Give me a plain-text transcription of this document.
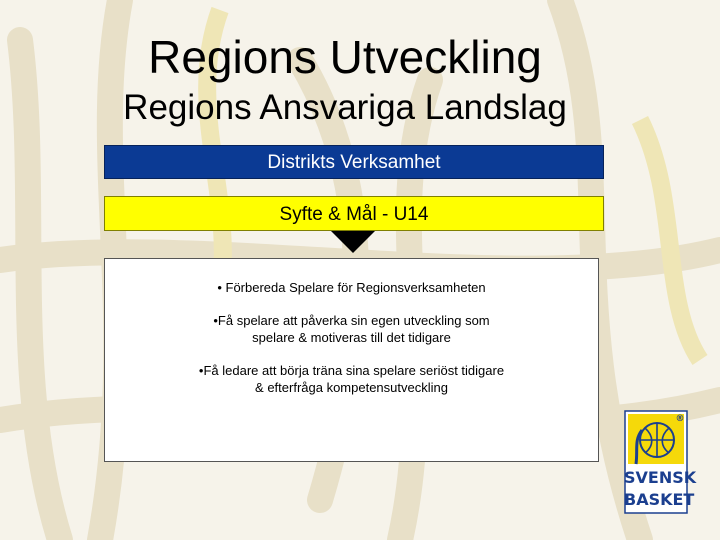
Regions Utveckling
Regions Ansvariga Landslag
Distrikts Verksamhet
Syfte & Mål - U14

• Förbereda Spelare för Regionsverksamheten

•Få spelare att påverka sin egen utveckling som
spelare & motiveras till det tidigare

•Få ledare att börja träna sina spelare seriöst tidigare
& efterfråga kompetensutveckling

®
SVENSK
BASKET
